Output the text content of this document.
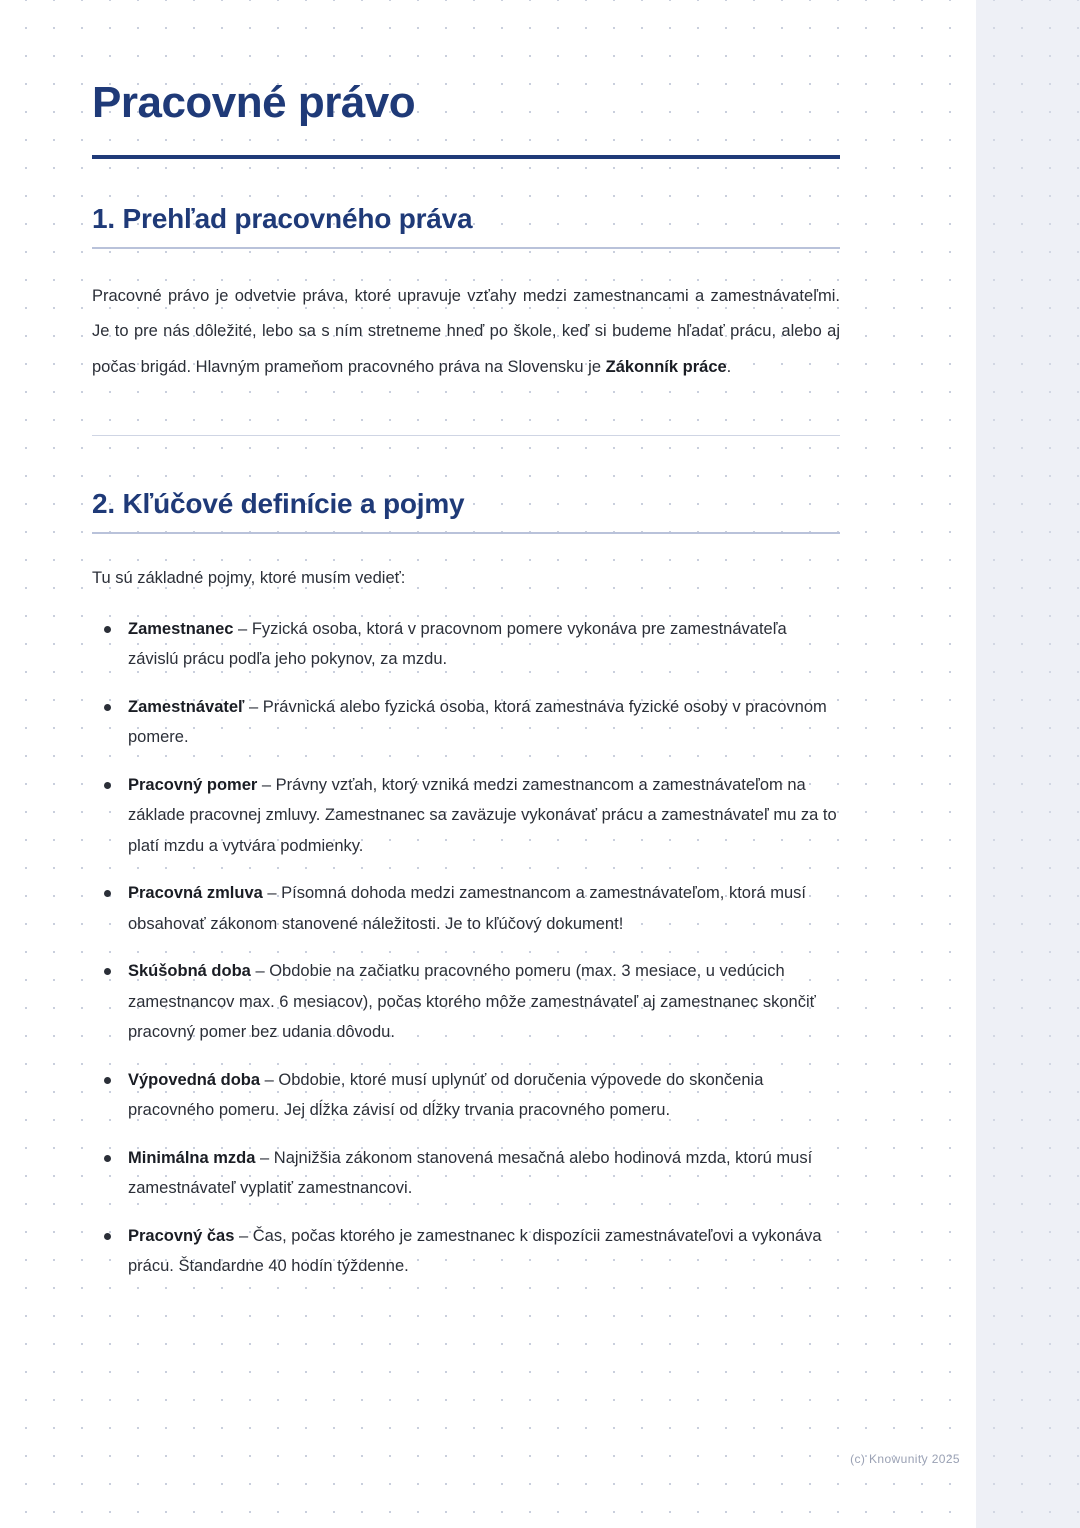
Pracovné právo
1. Prehľad pracovného práva

Pracovné právo je odvetvie práva, ktoré upravuje vzťahy medzi zamestnancami a zamestnávateľmi. Je to pre nás dôležité, lebo sa s ním stretneme hneď po škole, keď si budeme hľadať prácu, alebo aj počas brigád. Hlavným prameňom pracovného práva na Slovensku je Zákonník práce.

2. Kľúčové definície a pojmy

Tu sú základné pojmy, ktoré musím vedieť:

Zamestnanec – Fyzická osoba, ktorá v pracovnom pomere vykonáva pre zamestnávateľa závislú prácu podľa jeho pokynov, za mzdu.
Zamestnávateľ – Právnická alebo fyzická osoba, ktorá zamestnáva fyzické osoby v pracovnom pomere.
Pracovný pomer – Právny vzťah, ktorý vzniká medzi zamestnancom a zamestnávateľom na základe pracovnej zmluvy. Zamestnanec sa zaväzuje vykonávať prácu a zamestnávateľ mu za to platí mzdu a vytvára podmienky.
Pracovná zmluva – Písomná dohoda medzi zamestnancom a zamestnávateľom, ktorá musí obsahovať zákonom stanovené náležitosti. Je to kľúčový dokument!
Skúšobná doba – Obdobie na začiatku pracovného pomeru (max. 3 mesiace, u vedúcich zamestnancov max. 6 mesiacov), počas ktorého môže zamestnávateľ aj zamestnanec skončiť pracovný pomer bez udania dôvodu.
Výpovedná doba – Obdobie, ktoré musí uplynúť od doručenia výpovede do skončenia pracovného pomeru. Jej dĺžka závisí od dĺžky trvania pracovného pomeru.
Minimálna mzda – Najnižšia zákonom stanovená mesačná alebo hodinová mzda, ktorú musí zamestnávateľ vyplatiť zamestnancovi.
Pracovný čas – Čas, počas ktorého je zamestnanec k dispozícii zamestnávateľovi a vykonáva prácu. Štandardne 40 hodín týždenne.
(c) Knowunity 2025
